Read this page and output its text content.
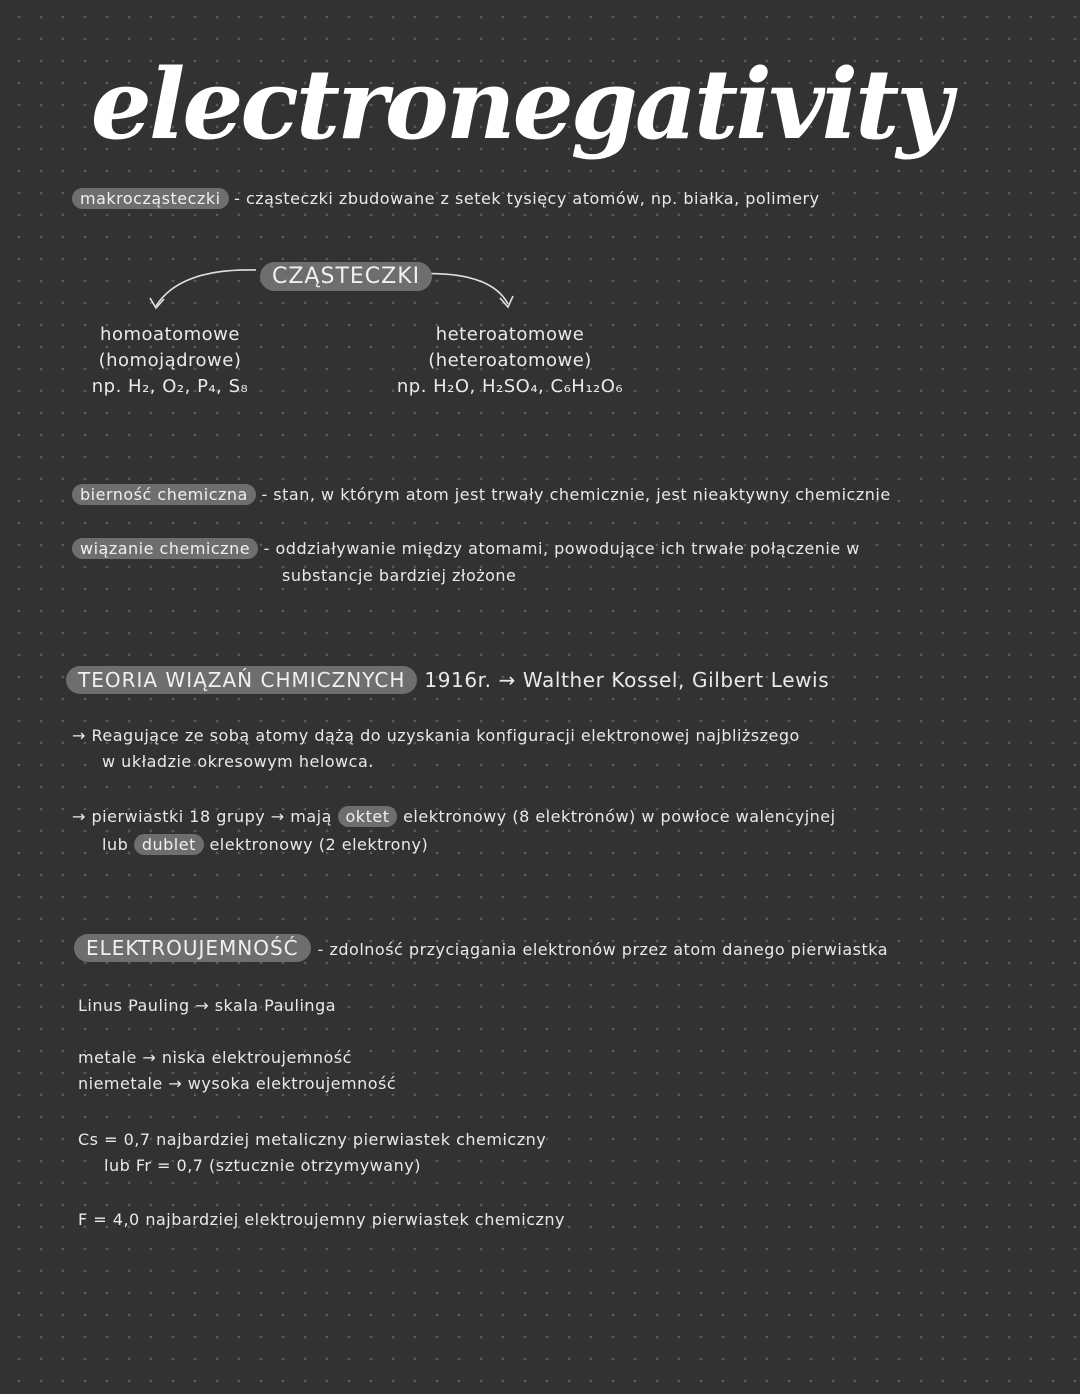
electronegativity
makrocząsteczki - cząsteczki zbudowane z setek tysięcy atomów, np. białka, polimery
CZĄSTECZKI
homoatomowe
(homojądrowe)
np. H₂, O₂, P₄, S₈
heteroatomowe
(heteroatomowe)
np. H₂O, H₂SO₄, C₆H₁₂O₆
bierność chemiczna - stan, w którym atom jest trwały chemicznie, jest nieaktywny chemicznie
wiązanie chemiczne - oddziaływanie między atomami, powodujące ich trwałe połączenie w
substancje bardziej złożone
TEORIA WIĄZAŃ CHMICZNYCH 1916r. → Walther Kossel, Gilbert Lewis
→ Reagujące ze sobą atomy dążą do uzyskania konfiguracji elektronowej najbliższego
w układzie okresowym helowca.
→ pierwiastki 18 grupy → mają oktet elektronowy (8 elektronów) w powłoce walencyjnej
lub dublet elektronowy (2 elektrony)
ELEKTROUJEMNOŚĆ - zdolność przyciągania elektronów przez atom danego pierwiastka
Linus Pauling → skala Paulinga
metale → niska elektroujemność
niemetale → wysoka elektroujemność
Cs = 0,7 najbardziej metaliczny pierwiastek chemiczny
lub Fr = 0,7 (sztucznie otrzymywany)
F = 4,0 najbardziej elektroujemny pierwiastek chemiczny
